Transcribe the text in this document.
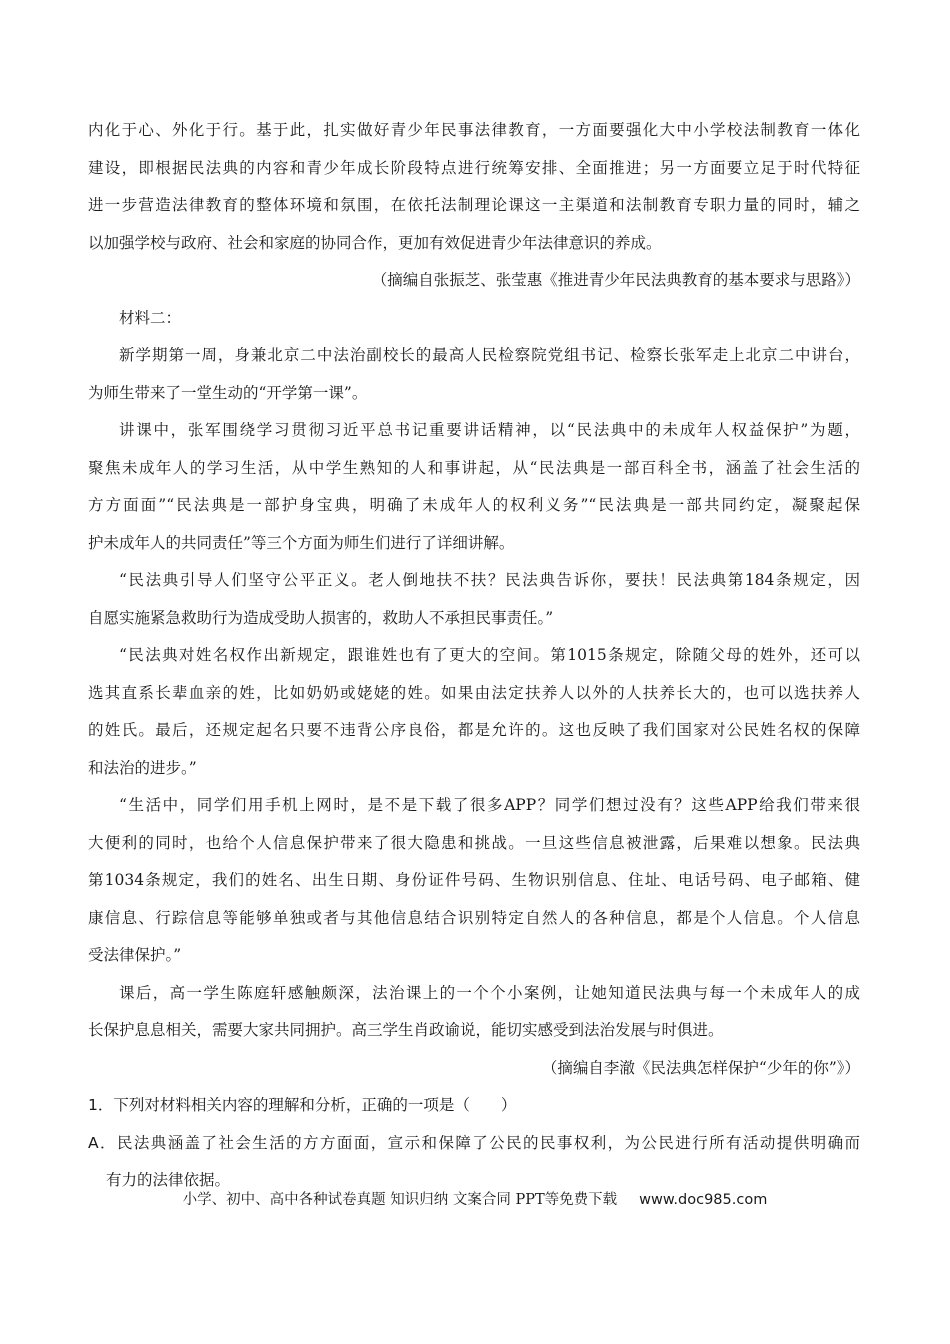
内化于心、外化于行。基于此，扎实做好青少年民事法律教育，一方面要强化大中小学校法制教育一体化
建设，即根据民法典的内容和青少年成长阶段特点进行统筹安排、全面推进；另一方面要立足于时代特征
进一步营造法律教育的整体环境和氛围，在依托法制理论课这一主渠道和法制教育专职力量的同时，辅之
以加强学校与政府、社会和家庭的协同合作，更加有效促进青少年法律意识的养成。
（摘编自张振芝、张莹惠《推进青少年民法典教育的基本要求与思路》）
材料二：
新学期第一周，身兼北京二中法治副校长的最高人民检察院党组书记、检察长张军走上北京二中讲台，
为师生带来了一堂生动的“开学第一课”。
讲课中，张军围绕学习贯彻习近平总书记重要讲话精神，以“民法典中的未成年人权益保护”为题，
聚焦未成年人的学习生活，从中学生熟知的人和事讲起，从“民法典是一部百科全书，涵盖了社会生活的
方方面面”“民法典是一部护身宝典，明确了未成年人的权利义务”“民法典是一部共同约定，凝聚起保
护未成年人的共同责任”等三个方面为师生们进行了详细讲解。
“民法典引导人们坚守公平正义。老人倒地扶不扶？民法典告诉你，要扶！民法典第184条规定，因
自愿实施紧急救助行为造成受助人损害的，救助人不承担民事责任。”
“民法典对姓名权作出新规定，跟谁姓也有了更大的空间。第1015条规定，除随父母的姓外，还可以
选其直系长辈血亲的姓，比如奶奶或姥姥的姓。如果由法定扶养人以外的人扶养长大的，也可以选扶养人
的姓氏。最后，还规定起名只要不违背公序良俗，都是允许的。这也反映了我们国家对公民姓名权的保障
和法治的进步。”
“生活中，同学们用手机上网时，是不是下载了很多APP？同学们想过没有？这些APP给我们带来很
大便利的同时，也给个人信息保护带来了很大隐患和挑战。一旦这些信息被泄露，后果难以想象。民法典
第1034条规定，我们的姓名、出生日期、身份证件号码、生物识别信息、住址、电话号码、电子邮箱、健
康信息、行踪信息等能够单独或者与其他信息结合识别特定自然人的各种信息，都是个人信息。个人信息
受法律保护。”
课后，高一学生陈庭轩感触颇深，法治课上的一个个小案例，让她知道民法典与每一个未成年人的成
长保护息息相关，需要大家共同拥护。高三学生肖政谕说，能切实感受到法治发展与时俱进。
（摘编自李澈《民法典怎样保护“少年的你”》）
1．下列对材料相关内容的理解和分析，正确的一项是（　　）
A．民法典涵盖了社会生活的方方面面，宣示和保障了公民的民事权利，为公民进行所有活动提供明确而
有力的法律依据。
小学、初中、高中各种试卷真题 知识归纳 文案合同 PPT等免费下载 www.doc985.com
